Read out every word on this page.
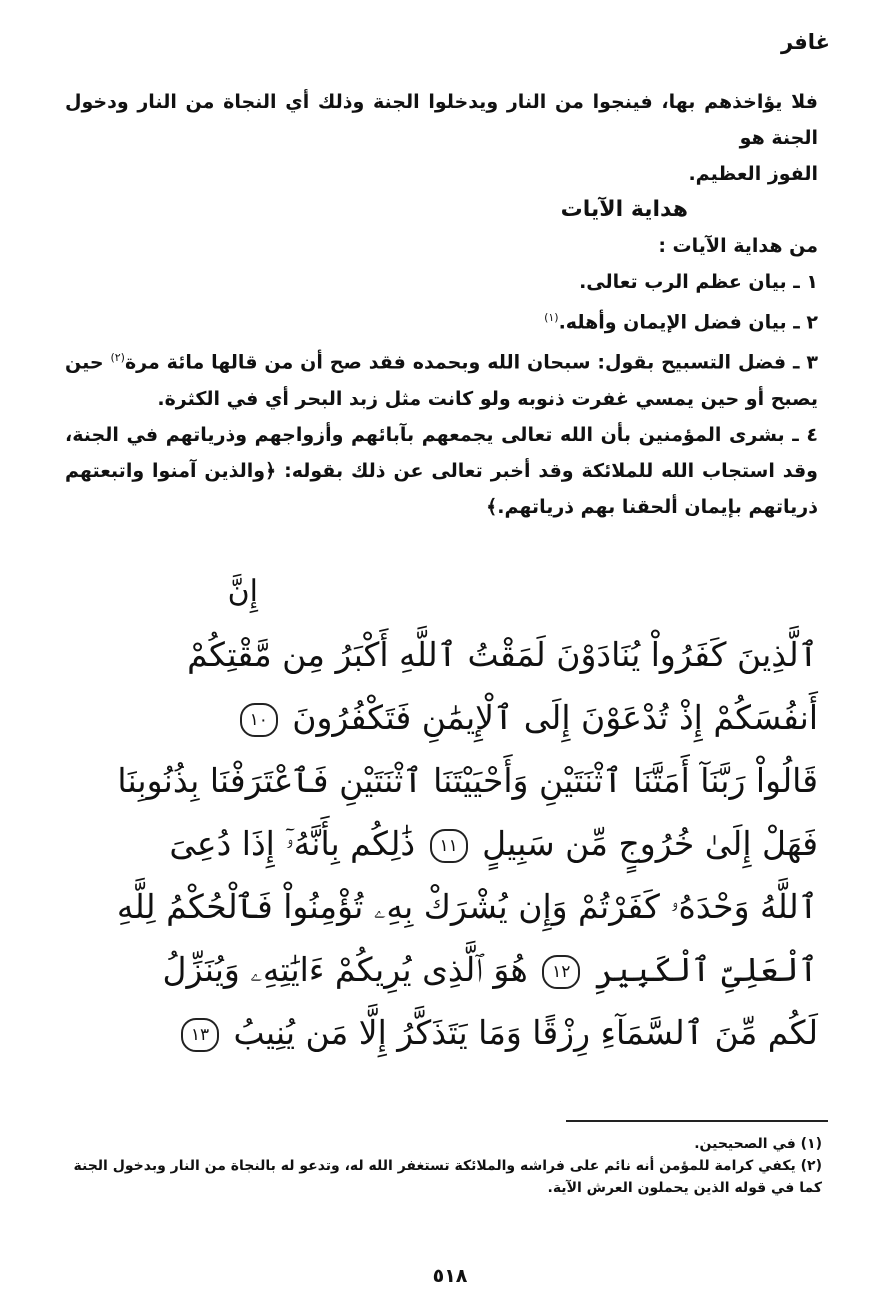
غافر

فلا يؤاخذهم بها، فينجوا من النار ويدخلوا الجنة وذلك أي النجاة من النار ودخول الجنة هو

الفوز العظيم.

هداية الآيات

من هداية الآيات :

١ ـ بيان عظم الرب تعالى.

٢ ـ بيان فضل الإيمان وأهله.$^{(١)}$

٣ ـ فضل التسبيح بقول: سبحان الله وبحمده فقد صح أن من قالها مائة مرة$^{(٢)}$ حين يصبح أو حين يمسي غفرت ذنوبه ولو كانت مثل زبد البحر أي في الكثرة.

٤ ـ بشرى المؤمنين بأن الله تعالى يجمعهم بآبائهم وأزواجهم وذرياتهم في الجنة، وقد استجاب الله للملائكة وقد أخبر تعالى عن ذلك بقوله: ﴿والذين آمنوا واتبعتهم ذرياتهم بإيمان ألحقنا بهم ذرياتهم.﴾

إِنَّ
ٱلَّذِينَ كَفَرُواْ يُنَادَوْنَ لَمَقْتُ ٱللَّهِ أَكْبَرُ مِن مَّقْتِكُمْ
أَنفُسَكُمْ إِذْ تُدْعَوْنَ إِلَى ٱلْإِيمَٰنِ فَتَكْفُرُونَ ١٠
قَالُواْ رَبَّنَآ أَمَتَّنَا ٱثْنَتَيْنِ وَأَحْيَيْتَنَا ٱثْنَتَيْنِ فَٱعْتَرَفْنَا بِذُنُوبِنَا
فَهَلْ إِلَىٰ خُرُوجٍ مِّن سَبِيلٍ ١١ ذَٰلِكُم بِأَنَّهُۥٓ إِذَا دُعِىَ
ٱللَّهُ وَحْدَهُۥ كَفَرْتُمْ وَإِن يُشْرَكْ بِهِۦ تُؤْمِنُواْ فَٱلْحُكْمُ لِلَّهِ
ٱلْعَلِىِّ ٱلْكَبِيرِ ١٢ هُوَ ٱلَّذِى يُرِيكُمْ ءَايَٰتِهِۦ وَيُنَزِّلُ
لَكُم مِّنَ ٱلسَّمَآءِ رِزْقًا وَمَا يَتَذَكَّرُ إِلَّا مَن يُنِيبُ ١٣

(١) في الصحيحين.

(٢) يكفي كرامة للمؤمن أنه نائم على فراشه والملائكة تستغفر الله له، وتدعو له بالنجاة من النار وبدخول الجنة كما في قوله الذين يحملون العرش الآية.

٥١٨
